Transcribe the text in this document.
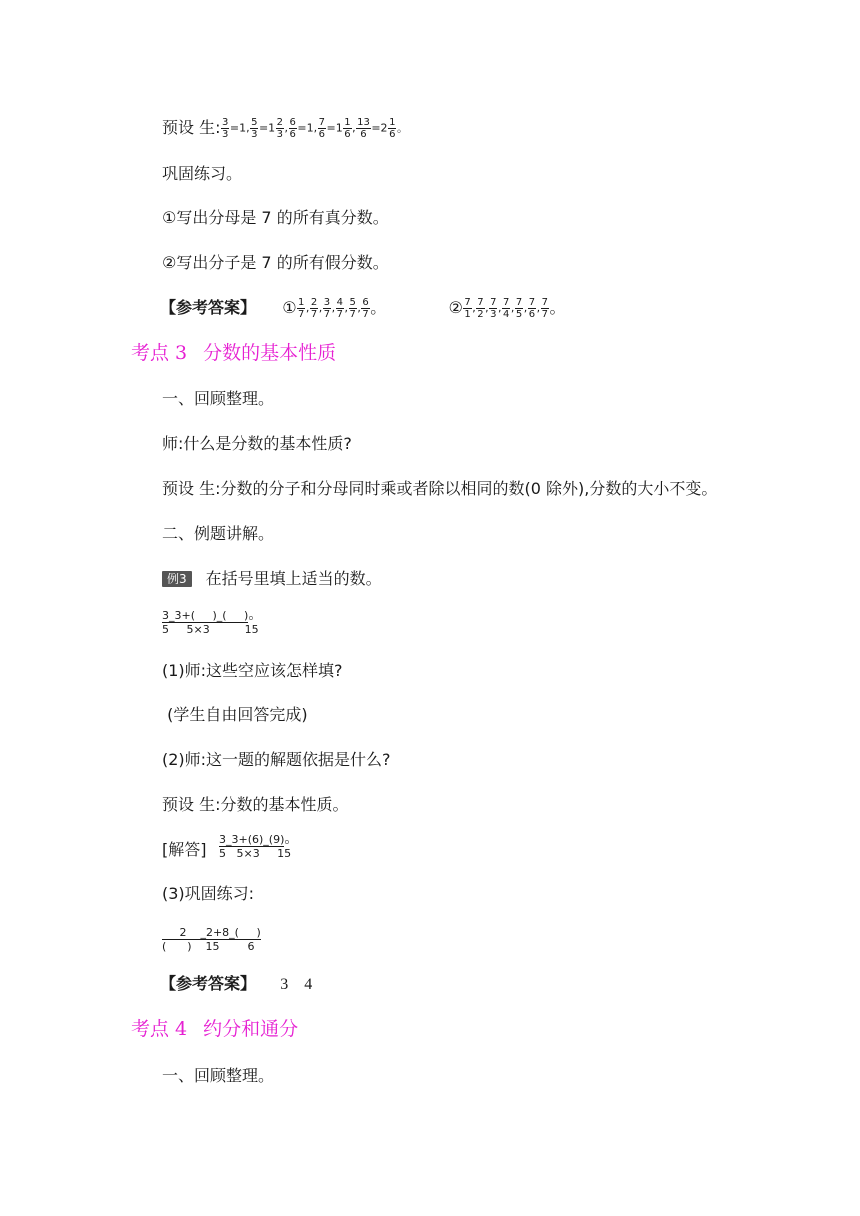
预设 生: $\frac{3}{3} =1$, $\frac{5}{3} =1 \frac{2}{3}$ , $\frac{6}{6} =1$, $\frac{7}{6} =1 \frac{1}{6}$ , $\frac{13}{6} =2 \frac{1}{6}$ 。
巩固练习。
①写出分母是 7 的所有真分数。
②写出分子是 7 的所有假分数。
【参考答案】 ① $\frac{1}{7}$ , $\frac{2}{7}$ , $\frac{3}{7}$ , $\frac{4}{7}$ , $\frac{5}{7}$ , $\frac{6}{7}$ 。	② $\frac{7}{1}$ , $\frac{7}{2}$ , $\frac{7}{3}$ , $\frac{7}{4}$ , $\frac{7}{5}$ , $\frac{7}{6}$ , $\frac{7}{7}$ 。
考点 3 分数的基本性质
一、回顾整理。
师:什么是分数的基本性质?
预设 生:分数的分子和分母同时乘或者除以相同的数(0 除外),分数的大小不变。
二、例题讲解。
例3 在括号里填上适当的数。
3_3+(     )_(     )。
5     5×3          15
(1)师:这些空应该怎样填?
(学生自由回答完成)
(2)师:这一题的解题依据是什么?
预设 生:分数的基本性质。
[解答]
3_3+(6)_(9)。
5   5×3     15
(3)巩固练习:
2    _2+8_(     )
(      )    15        6
【参考答案】 3    4
考点 4 约分和通分
一、回顾整理。
